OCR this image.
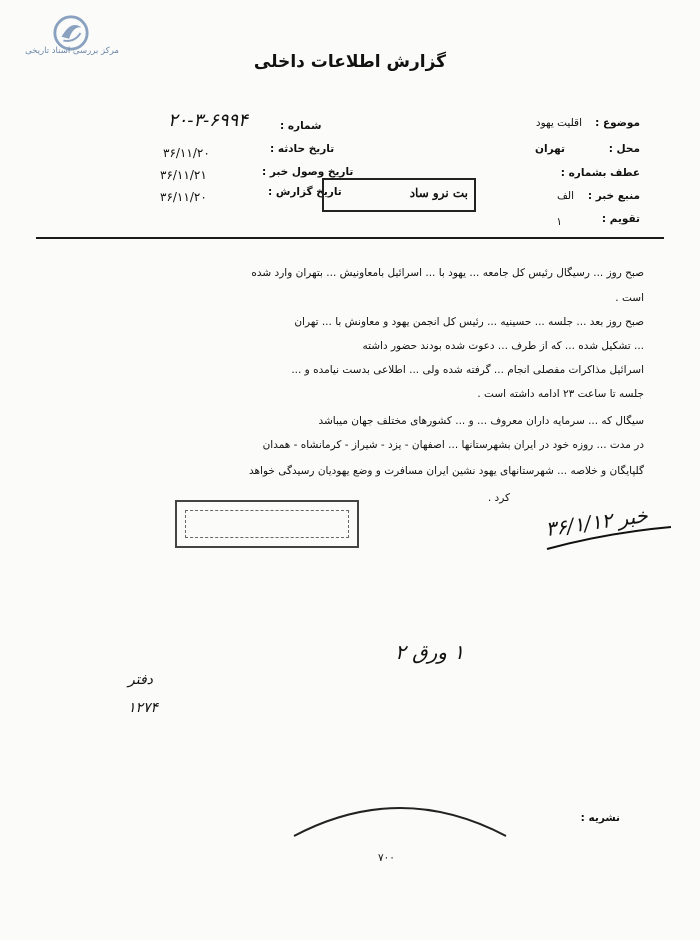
مرکز بررسی اسناد تاریخی
گزارش اطلاعات داخلی
موضوع :
اقلیت یهود
محل :
تهران
عطف بشماره :
منبع خبر :
الف
تقویم :
۱
شماره :
۲۰-۳-۶۹۹۴
تاریخ حادثه :
۳۶/۱۱/۲۰
تاریخ وصول خبر :
۳۶/۱۱/۲۱
تاریخ گزارش :
۳۶/۱۱/۲۰	بت نرو ساد
صبح روز ... رسیگال رئیس کل جامعه ... یهود با ... اسرائیل بامعاونیش ... بتهران وارد شده
است .
صبح روز بعد ... جلسه ... حسینیه ... رئیس کل انجمن یهود و معاونش با ... تهران
... تشکیل شده ... که از طرف ... دعوت شده بودند حضور داشته
اسرائیل مذاکرات مفصلی انجام ... گرفته شده ولی ... اطلاعی بدست نیامده و ...
جلسه تا ساعت ۲۳ ادامه داشته است .
سیگال که ... سرمایه داران معروف ... و ... کشورهای مختلف جهان میباشد
در مدت ... روزه خود در ایران بشهرستانها ... اصفهان - یزد - شیراز - کرمانشاه - همدان
گلپایگان و خلاصه ... شهرستانهای یهود نشین ایران مسافرت و وضع یهودیان رسیدگی خواهد
کرد .
خبر ۳۶/۱/۱۲
۱ ورق ۲
دفتر
۱۲۷۴
نشریه :
۷۰۰
